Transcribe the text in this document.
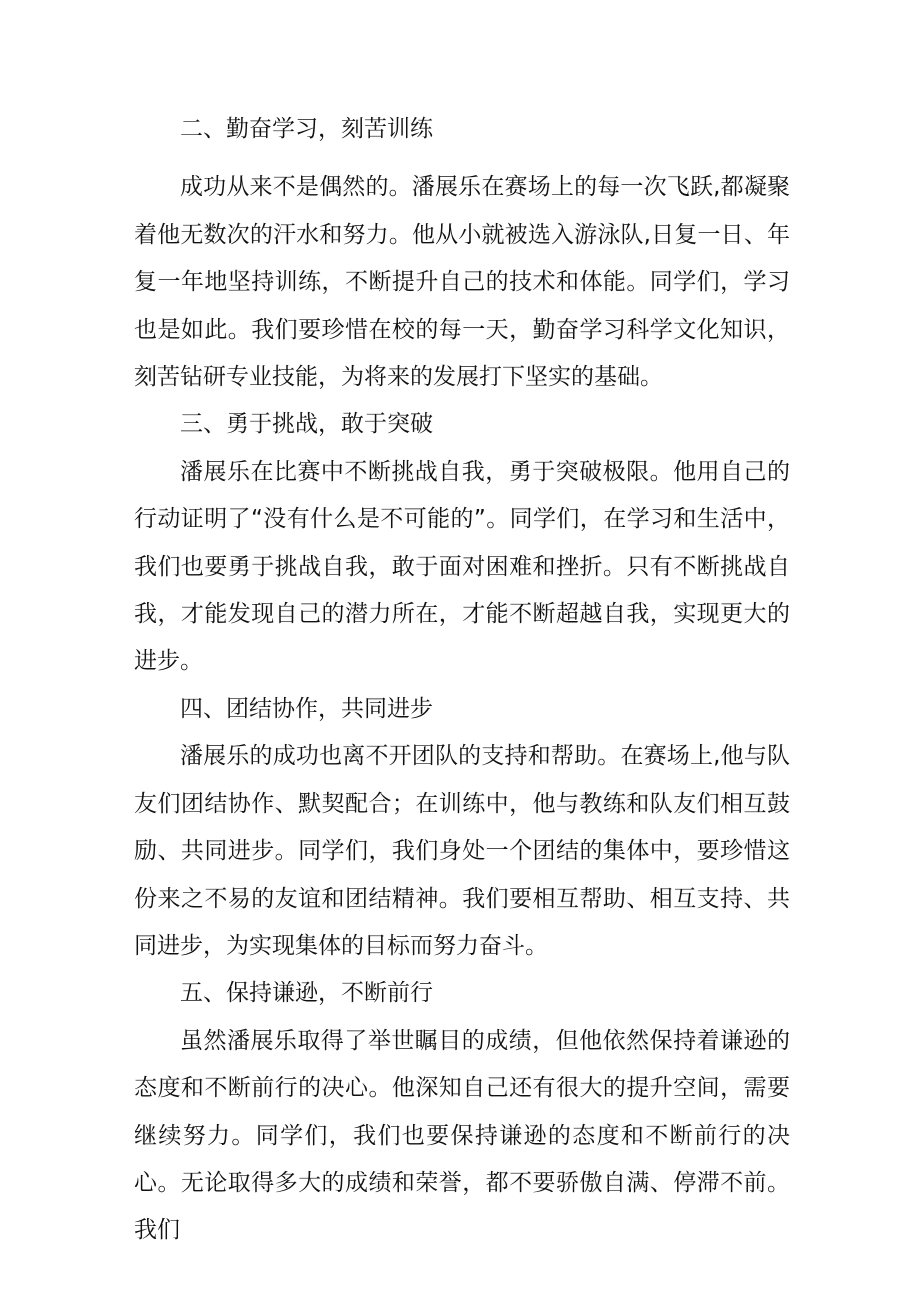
二、勤奋学习，刻苦训练

成功从来不是偶然的。潘展乐在赛场上的每一次飞跃,都凝聚着他无数次的汗水和努力。他从小就被选入游泳队,日复一日、年复一年地坚持训练，不断提升自己的技术和体能。同学们，学习也是如此。我们要珍惜在校的每一天，勤奋学习科学文化知识，刻苦钻研专业技能，为将来的发展打下坚实的基础。

三、勇于挑战，敢于突破

潘展乐在比赛中不断挑战自我，勇于突破极限。他用自己的行动证明了“没有什么是不可能的”。同学们，在学习和生活中，我们也要勇于挑战自我，敢于面对困难和挫折。只有不断挑战自我，才能发现自己的潜力所在，才能不断超越自我，实现更大的进步。

四、团结协作，共同进步

潘展乐的成功也离不开团队的支持和帮助。在赛场上,他与队友们团结协作、默契配合；在训练中，他与教练和队友们相互鼓励、共同进步。同学们，我们身处一个团结的集体中，要珍惜这份来之不易的友谊和团结精神。我们要相互帮助、相互支持、共同进步，为实现集体的目标而努力奋斗。

五、保持谦逊，不断前行

虽然潘展乐取得了举世瞩目的成绩，但他依然保持着谦逊的态度和不断前行的决心。他深知自己还有很大的提升空间，需要继续努力。同学们，我们也要保持谦逊的态度和不断前行的决心。无论取得多大的成绩和荣誉，都不要骄傲自满、停滞不前。我们
